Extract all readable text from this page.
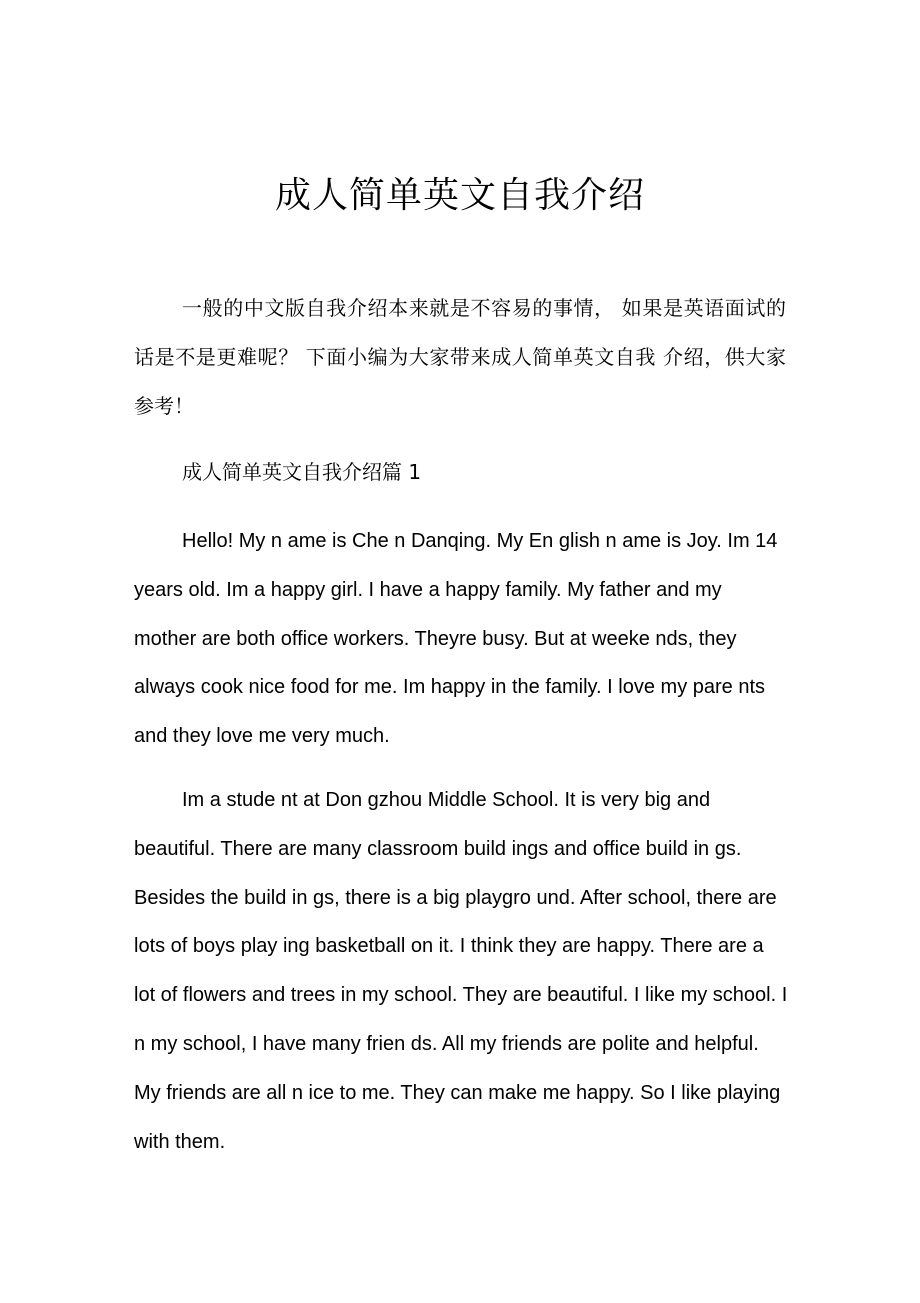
成人简单英文自我介绍
一般的中文版自我介绍本来就是不容易的事情， 如果是英语面试的话是不是更难呢？ 下面小编为大家带来成人简单英文自我 介绍，供大家参考！
成人简单英文自我介绍篇 1
Hello! My n ame is Che n Danqing. My En glish n ame is Joy. Im 14 years old. Im a happy girl. I have a happy family. My father and my mother are both office workers. Theyre busy. But at weeke nds, they always cook nice food for me. Im happy in the family. I love my pare nts and they love me very much.
Im a stude nt at Don gzhou Middle School. It is very big and beautiful. There are many classroom build ings and office build in gs. Besides the build in gs, there is a big playgro und. After school, there are lots of boys play ing basketball on it. I think they are happy. There are a lot of flowers and trees in my school. They are beautiful. I like my school. I n my school, I have many frien ds. All my friends are polite and helpful. My friends are all n ice to me. They can make me happy. So I like playing with them.
